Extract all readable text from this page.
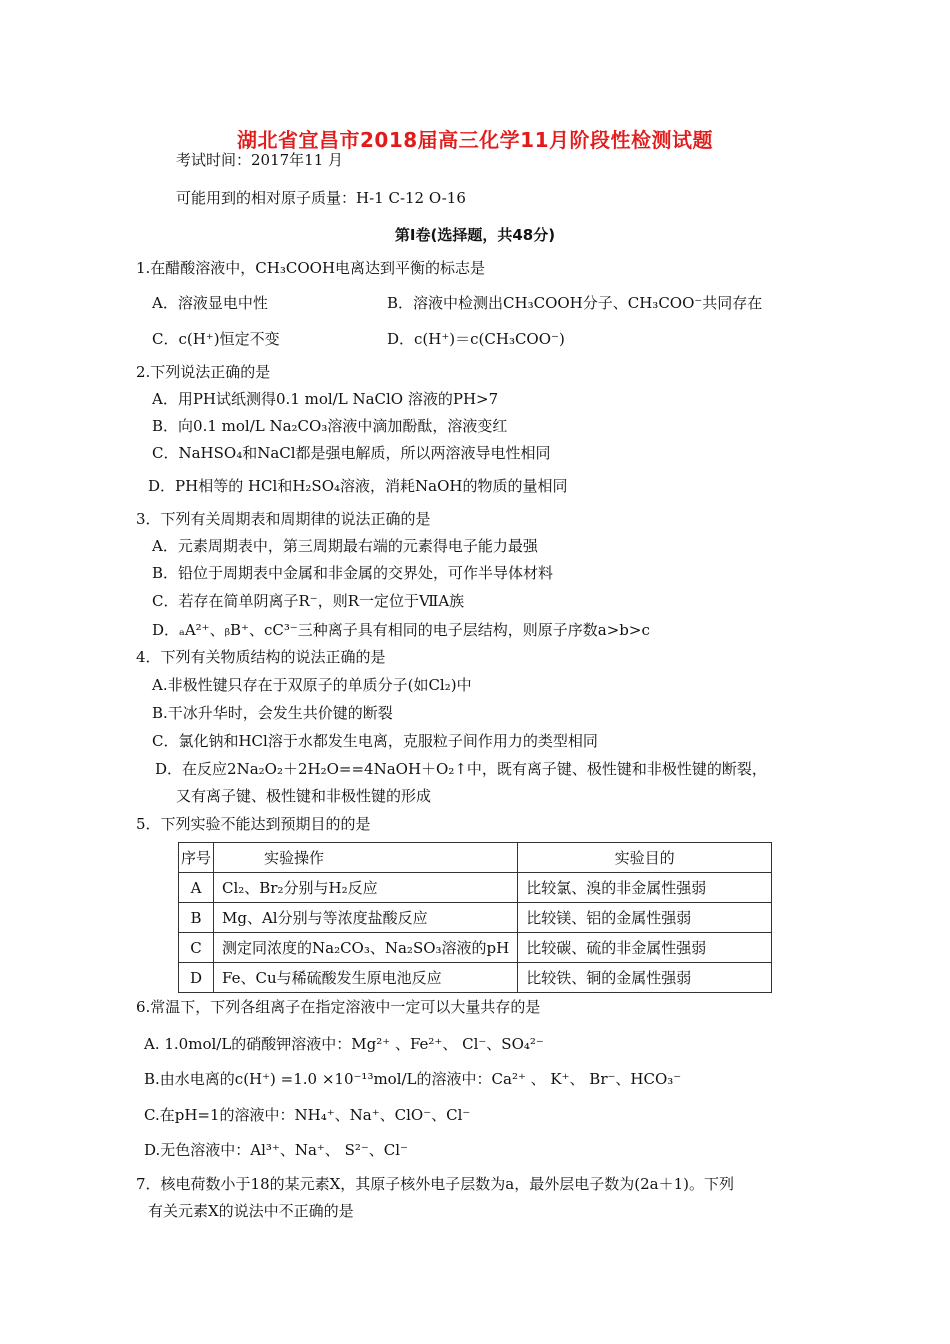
湖北省宜昌市2018届高三化学11月阶段性检测试题
考试时间：2017年11 月
可能用到的相对原子质量：H-1 C-12 O-16
第Ⅰ卷(选择题，共48分)
1.在醋酸溶液中，CH₃COOH电离达到平衡的标志是
A．溶液显电中性	B．溶液中检测出CH₃COOH分子、CH₃COO⁻共同存在
C．c(H⁺)恒定不变	D．c(H⁺)＝c(CH₃COO⁻)
2.下列说法正确的是
A．用PH试纸测得0.1 mol/L NaClO 溶液的PH>7
B．向0.1 mol/L Na₂CO₃溶液中滴加酚酞，溶液变红
C．NaHSO₄和NaCl都是强电解质，所以两溶液导电性相同
D．PH相等的 HCl和H₂SO₄溶液，消耗NaOH的物质的量相同
3．下列有关周期表和周期律的说法正确的是
A．元素周期表中，第三周期最右端的元素得电子能力最强
B．铅位于周期表中金属和非金属的交界处，可作半导体材料
C．若存在简单阴离子R⁻，则R一定位于ⅦA族
D．ₐA²⁺、ᵦB⁺、cC³⁻三种离子具有相同的电子层结构，则原子序数a>b>c
4．下列有关物质结构的说法正确的是
A.非极性键只存在于双原子的单质分子(如Cl₂)中
B.干冰升华时，会发生共价键的断裂
C．氯化钠和HCl溶于水都发生电离，克服粒子间作用力的类型相同
D．在反应2Na₂O₂＋2H₂O==4NaOH＋O₂↑中，既有离子键、极性键和非极性键的断裂，
又有离子键、极性键和非极性键的形成
5．下列实验不能达到预期目的的是
序号	实验操作	实验目的
A	Cl₂、Br₂分别与H₂反应	比较氯、溴的非金属性强弱
B	Mg、Al分别与等浓度盐酸反应	比较镁、铝的金属性强弱
C	测定同浓度的Na₂CO₃、Na₂SO₃溶液的pH	比较碳、硫的非金属性强弱
D	Fe、Cu与稀硫酸发生原电池反应	比较铁、铜的金属性强弱
6.常温下，下列各组离子在指定溶液中一定可以大量共存的是
A. 1.0mol/L的硝酸钾溶液中：Mg²⁺ 、Fe²⁺、 Cl⁻、SO₄²⁻
B.由水电离的c(H⁺) =1.0 ×10⁻¹³mol/L的溶液中：Ca²⁺ 、 K⁺、 Br⁻、HCO₃⁻
C.在pH=1的溶液中：NH₄⁺、Na⁺、ClO⁻、Cl⁻
D.无色溶液中：Al³⁺、Na⁺、 S²⁻、Cl⁻
7．核电荷数小于18的某元素X，其原子核外电子层数为a，最外层电子数为(2a＋1)。下列
有关元素X的说法中不正确的是
